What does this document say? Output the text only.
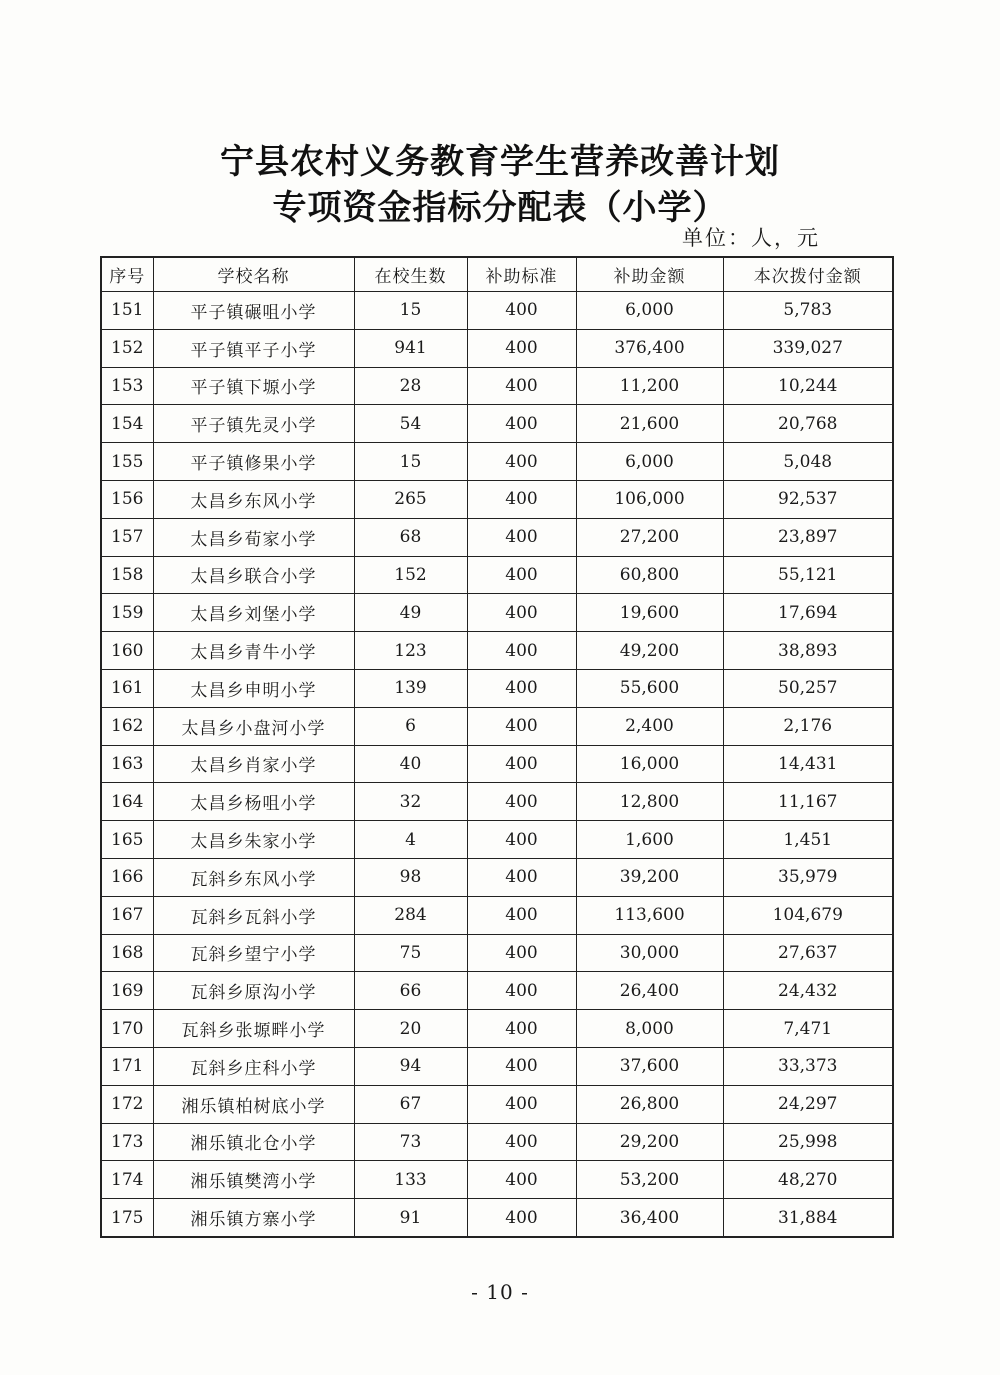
宁县农村义务教育学生营养改善计划
专项资金指标分配表（小学）
单位：人，元
序号	学校名称	在校生数	补助标准	补助金额	本次拨付金额
151	平子镇碾咀小学	15	400	6,000	5,783
152	平子镇平子小学	941	400	376,400	339,027
153	平子镇下塬小学	28	400	11,200	10,244
154	平子镇先灵小学	54	400	21,600	20,768
155	平子镇修果小学	15	400	6,000	5,048
156	太昌乡东风小学	265	400	106,000	92,537
157	太昌乡荀家小学	68	400	27,200	23,897
158	太昌乡联合小学	152	400	60,800	55,121
159	太昌乡刘堡小学	49	400	19,600	17,694
160	太昌乡青牛小学	123	400	49,200	38,893
161	太昌乡申明小学	139	400	55,600	50,257
162	太昌乡小盘河小学	6	400	2,400	2,176
163	太昌乡肖家小学	40	400	16,000	14,431
164	太昌乡杨咀小学	32	400	12,800	11,167
165	太昌乡朱家小学	4	400	1,600	1,451
166	瓦斜乡东风小学	98	400	39,200	35,979
167	瓦斜乡瓦斜小学	284	400	113,600	104,679
168	瓦斜乡望宁小学	75	400	30,000	27,637
169	瓦斜乡原沟小学	66	400	26,400	24,432
170	瓦斜乡张塬畔小学	20	400	8,000	7,471
171	瓦斜乡庄科小学	94	400	37,600	33,373
172	湘乐镇柏树底小学	67	400	26,800	24,297
173	湘乐镇北仓小学	73	400	29,200	25,998
174	湘乐镇樊湾小学	133	400	53,200	48,270
175	湘乐镇方寨小学	91	400	36,400	31,884
- 10 -
